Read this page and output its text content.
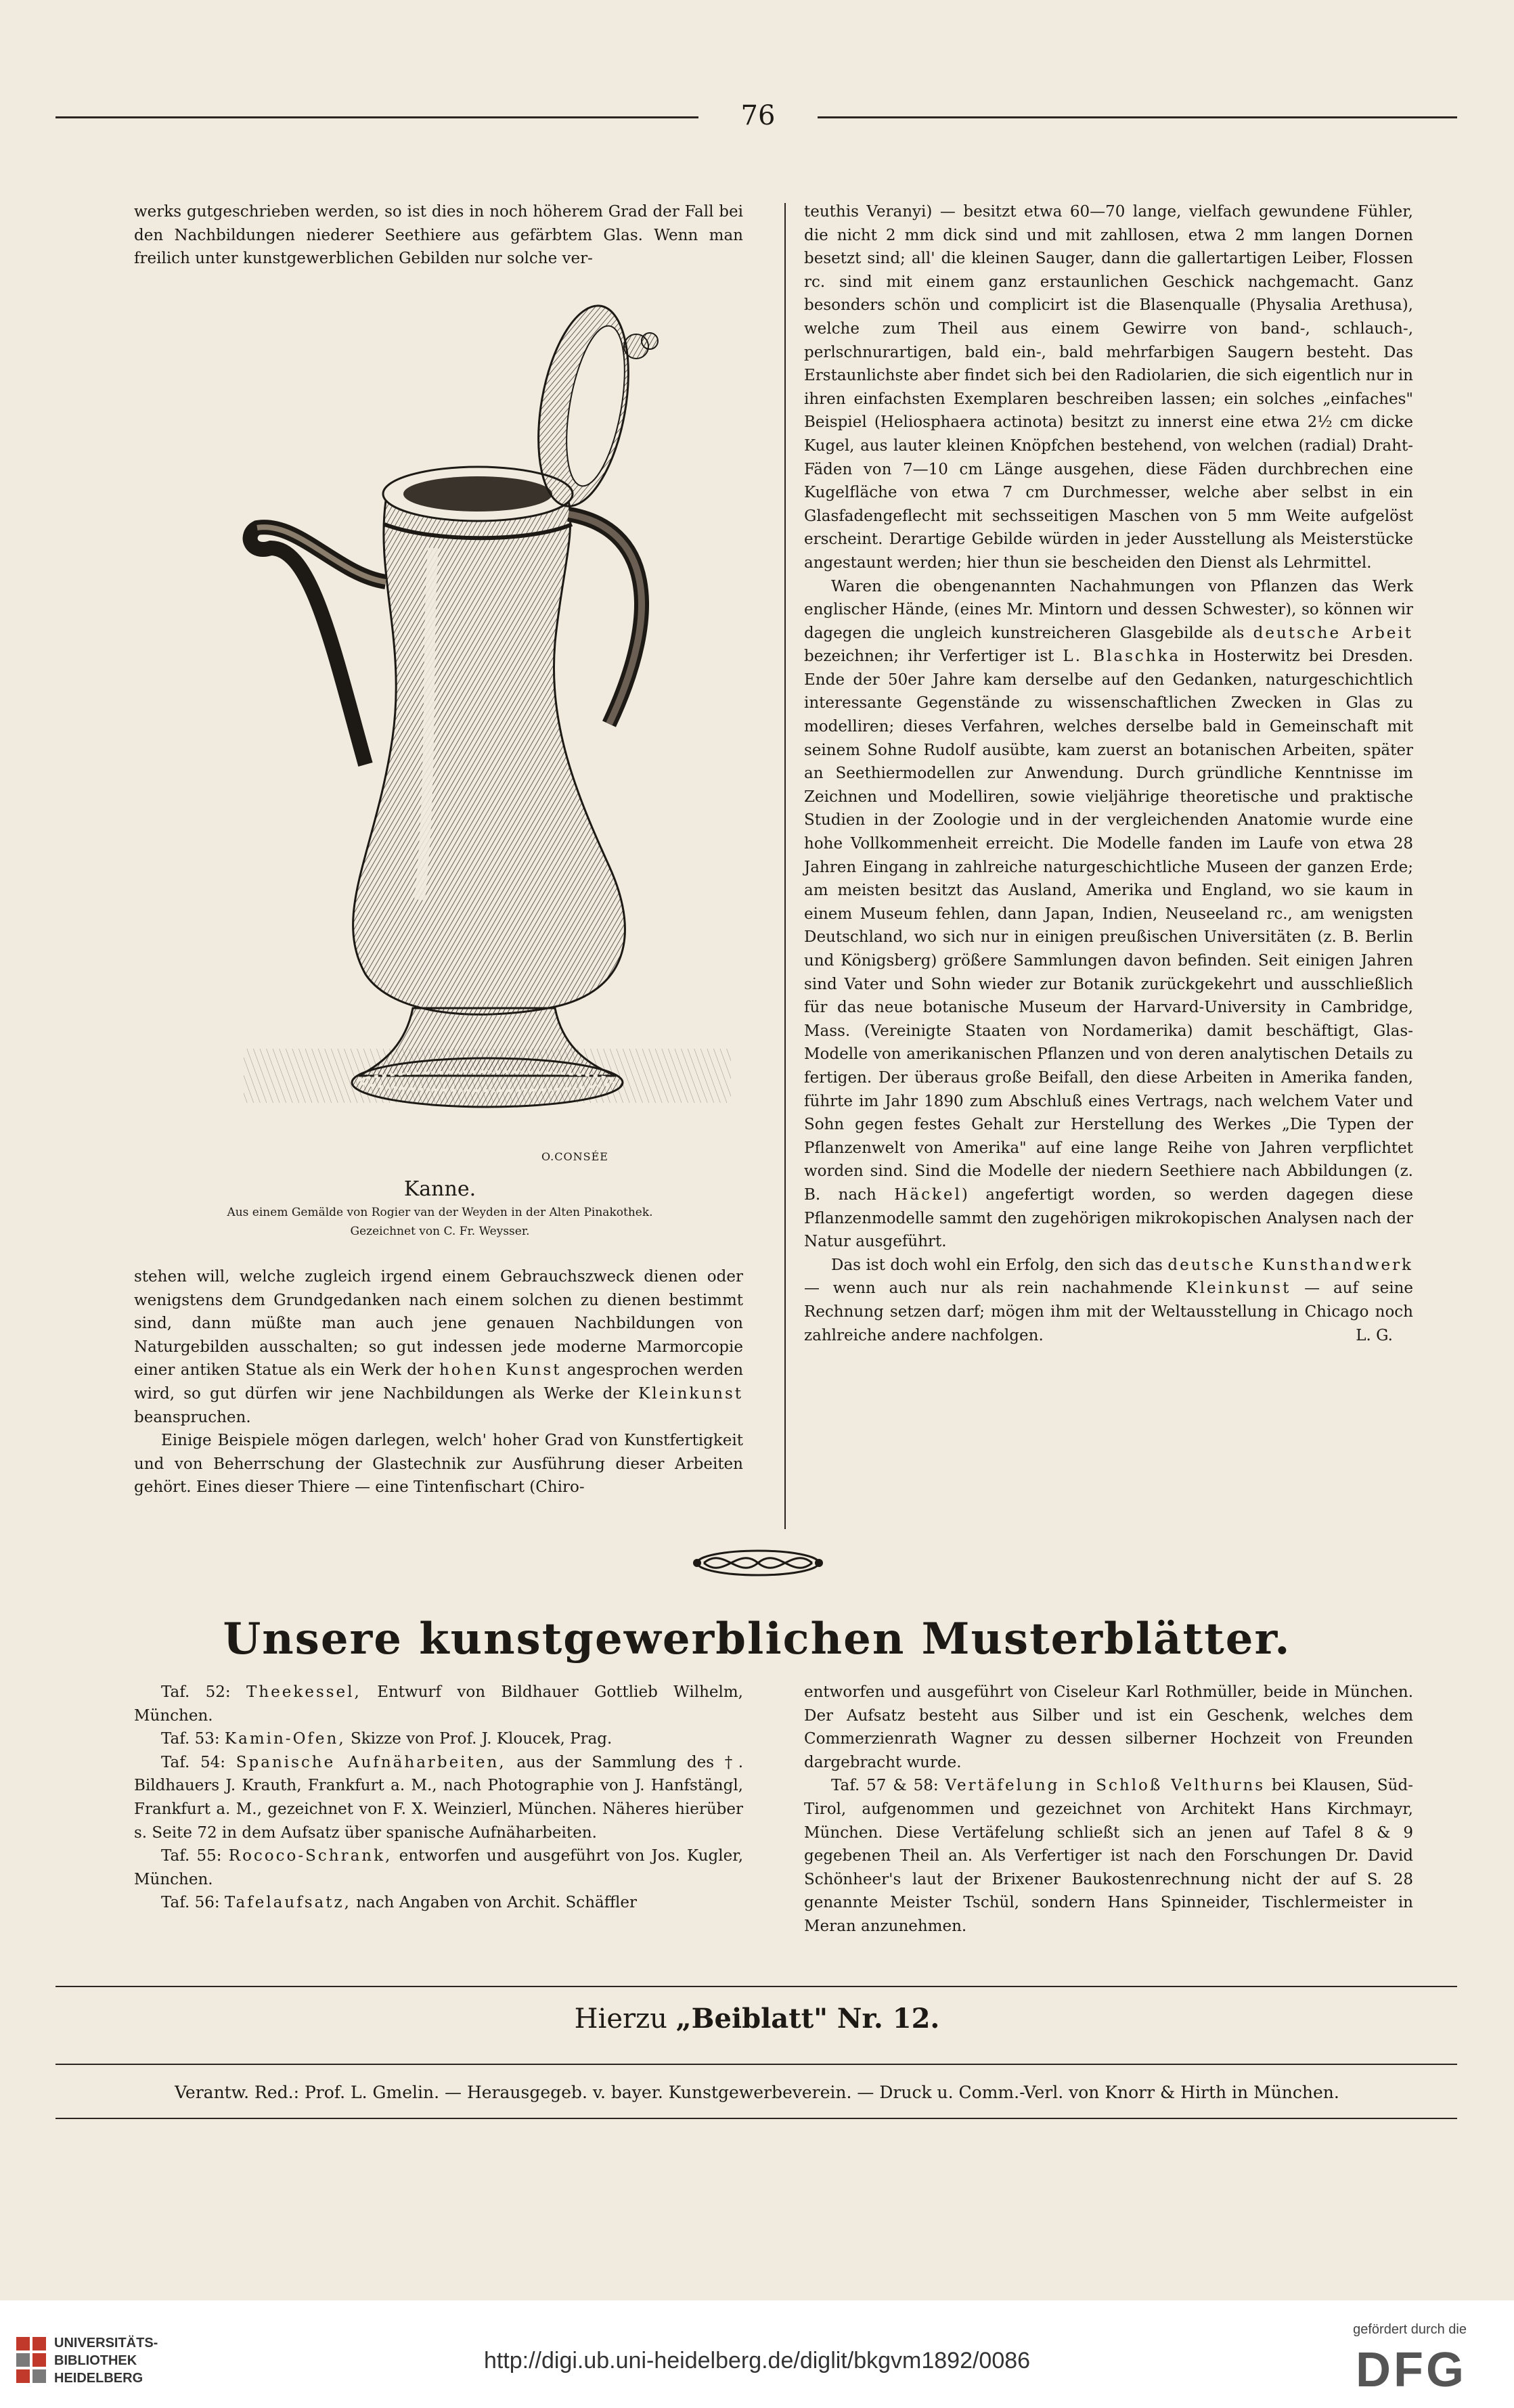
76

werks gutgeschrieben werden, so ist dies in noch höherem Grad der Fall bei den Nachbildungen niederer Seethiere aus gefärbtem Glas. Wenn man freilich unter kunstgewerblichen Gebilden nur solche ver-

O.CONSÉE
Kanne.
Aus einem Gemälde von Rogier van der Weyden in der Alten Pinakothek.
Gezeichnet von C. Fr. Weysser.

stehen will, welche zugleich irgend einem Gebrauchszweck dienen oder wenigstens dem Grundgedanken nach einem solchen zu dienen bestimmt sind, dann müßte man auch jene genauen Nachbildungen von Naturgebilden ausschalten; so gut indessen jede moderne Marmorcopie einer antiken Statue als ein Werk der hohen Kunst angesprochen werden wird, so gut dürfen wir jene Nachbildungen als Werke der Kleinkunst beanspruchen.

Einige Beispiele mögen darlegen, welch' hoher Grad von Kunstfertigkeit und von Beherrschung der Glastechnik zur Ausführung dieser Arbeiten gehört. Eines dieser Thiere — eine Tintenfischart (Chiro-

teuthis Veranyi) — besitzt etwa 60—70 lange, vielfach gewundene Fühler, die nicht 2 mm dick sind und mit zahllosen, etwa 2 mm langen Dornen besetzt sind; all' die kleinen Sauger, dann die gallertartigen Leiber, Flossen rc. sind mit einem ganz erstaunlichen Geschick nachgemacht. Ganz besonders schön und complicirt ist die Blasenqualle (Physalia Arethusa), welche zum Theil aus einem Gewirre von band-, schlauch-, perlschnurartigen, bald ein-, bald mehrfarbigen Saugern besteht. Das Erstaunlichste aber findet sich bei den Radiolarien, die sich eigentlich nur in ihren einfachsten Exemplaren beschreiben lassen; ein solches „einfaches" Beispiel (Heliosphaera actinota) besitzt zu innerst eine etwa 2½ cm dicke Kugel, aus lauter kleinen Knöpfchen bestehend, von welchen (radial) Draht-Fäden von 7—10 cm Länge ausgehen, diese Fäden durchbrechen eine Kugelfläche von etwa 7 cm Durchmesser, welche aber selbst in ein Glasfadengeflecht mit sechsseitigen Maschen von 5 mm Weite aufgelöst erscheint. Derartige Gebilde würden in jeder Ausstellung als Meisterstücke angestaunt werden; hier thun sie bescheiden den Dienst als Lehrmittel.

Waren die obengenannten Nachahmungen von Pflanzen das Werk englischer Hände, (eines Mr. Mintorn und dessen Schwester), so können wir dagegen die ungleich kunstreicheren Glasgebilde als deutsche Arbeit bezeichnen; ihr Verfertiger ist L. Blaschka in Hosterwitz bei Dresden. Ende der 50er Jahre kam derselbe auf den Gedanken, naturgeschichtlich interessante Gegenstände zu wissenschaftlichen Zwecken in Glas zu modelliren; dieses Verfahren, welches derselbe bald in Gemeinschaft mit seinem Sohne Rudolf ausübte, kam zuerst an botanischen Arbeiten, später an Seethiermodellen zur Anwendung. Durch gründliche Kenntnisse im Zeichnen und Modelliren, sowie vieljährige theoretische und praktische Studien in der Zoologie und in der vergleichenden Anatomie wurde eine hohe Vollkommenheit erreicht. Die Modelle fanden im Laufe von etwa 28 Jahren Eingang in zahlreiche naturgeschichtliche Museen der ganzen Erde; am meisten besitzt das Ausland, Amerika und England, wo sie kaum in einem Museum fehlen, dann Japan, Indien, Neuseeland rc., am wenigsten Deutschland, wo sich nur in einigen preußischen Universitäten (z. B. Berlin und Königsberg) größere Sammlungen davon befinden. Seit einigen Jahren sind Vater und Sohn wieder zur Botanik zurückgekehrt und ausschließlich für das neue botanische Museum der Harvard-University in Cambridge, Mass. (Vereinigte Staaten von Nordamerika) damit beschäftigt, Glas-Modelle von amerikanischen Pflanzen und von deren analytischen Details zu fertigen. Der überaus große Beifall, den diese Arbeiten in Amerika fanden, führte im Jahr 1890 zum Abschluß eines Vertrags, nach welchem Vater und Sohn gegen festes Gehalt zur Herstellung des Werkes „Die Typen der Pflanzenwelt von Amerika" auf eine lange Reihe von Jahren verpflichtet worden sind. Sind die Modelle der niedern Seethiere nach Abbildungen (z. B. nach Häckel) angefertigt worden, so werden dagegen diese Pflanzenmodelle sammt den zugehörigen mikrokopischen Analysen nach der Natur ausgeführt.

Das ist doch wohl ein Erfolg, den sich das deutsche Kunsthandwerk — wenn auch nur als rein nachahmende Kleinkunst — auf seine Rechnung setzen darf; mögen ihm mit der Weltausstellung in Chicago noch zahlreiche andere nachfolgen.	L. G.

Unsere kunstgewerblichen Musterblätter.

Taf. 52: Theekessel, Entwurf von Bildhauer Gottlieb Wilhelm, München.

Taf. 53: Kamin-Ofen, Skizze von Prof. J. Kloucek, Prag.

Taf. 54: Spanische Aufnäharbeiten, aus der Sammlung des †. Bildhauers J. Krauth, Frankfurt a. M., nach Photographie von J. Hanfstängl, Frankfurt a. M., gezeichnet von F. X. Weinzierl, München. Näheres hierüber s. Seite 72 in dem Aufsatz über spanische Aufnäharbeiten.

Taf. 55: Rococo-Schrank, entworfen und ausgeführt von Jos. Kugler, München.

Taf. 56: Tafelaufsatz, nach Angaben von Archit. Schäffler

entworfen und ausgeführt von Ciseleur Karl Rothmüller, beide in München. Der Aufsatz besteht aus Silber und ist ein Geschenk, welches dem Commerzienrath Wagner zu dessen silberner Hochzeit von Freunden dargebracht wurde.

Taf. 57 & 58: Vertäfelung in Schloß Velthurns bei Klausen, Süd-Tirol, aufgenommen und gezeichnet von Architekt Hans Kirchmayr, München. Diese Vertäfelung schließt sich an jenen auf Tafel 8 & 9 gegebenen Theil an. Als Verfertiger ist nach den Forschungen Dr. David Schönheer's laut der Brixener Baukostenrechnung nicht der auf S. 28 genannte Meister Tschül, sondern Hans Spinneider, Tischlermeister in Meran anzunehmen.

Hierzu „Beiblatt" Nr. 12.
Verantw. Red.: Prof. L. Gmelin. — Herausgegeb. v. bayer. Kunstgewerbeverein. — Druck u. Comm.-Verl. von Knorr & Hirth in München.
UNIVERSITÄTS-
BIBLIOTHEK
HEIDELBERG
http://digi.ub.uni-heidelberg.de/diglit/bkgvm1892/0086
gefördert durch die
DFG
